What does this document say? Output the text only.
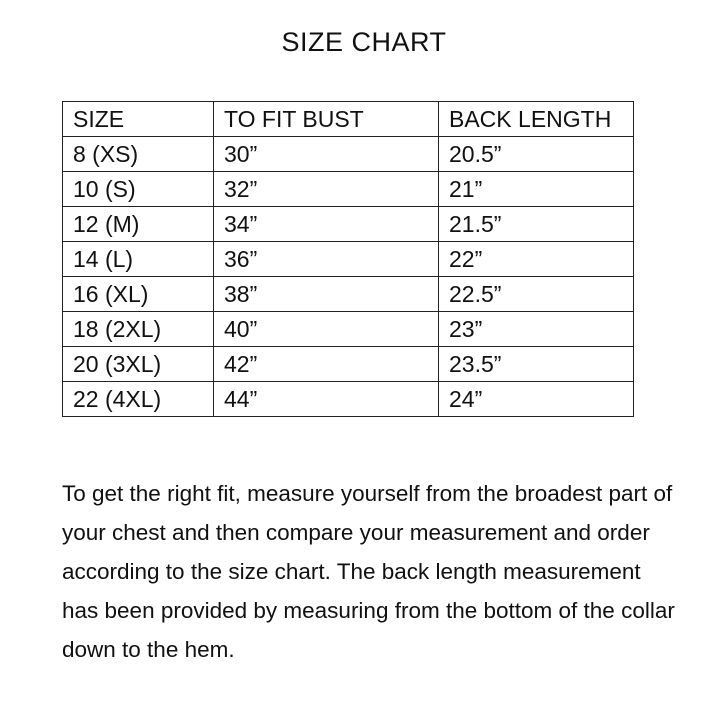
SIZE CHART
SIZE	TO FIT BUST	BACK LENGTH
8 (XS)	30”	20.5”
10 (S)	32”	21”
12 (M)	34”	21.5”
14 (L)	36”	22”
16 (XL)	38”	22.5”
18 (2XL)	40”	23”
20 (3XL)	42”	23.5”
22 (4XL)	44”	24”

To get the right fit, measure yourself from the broadest part of your chest and then compare your measurement and order according to the size chart. The back length measurement has been provided by measuring from the bottom of the collar down to the hem.
